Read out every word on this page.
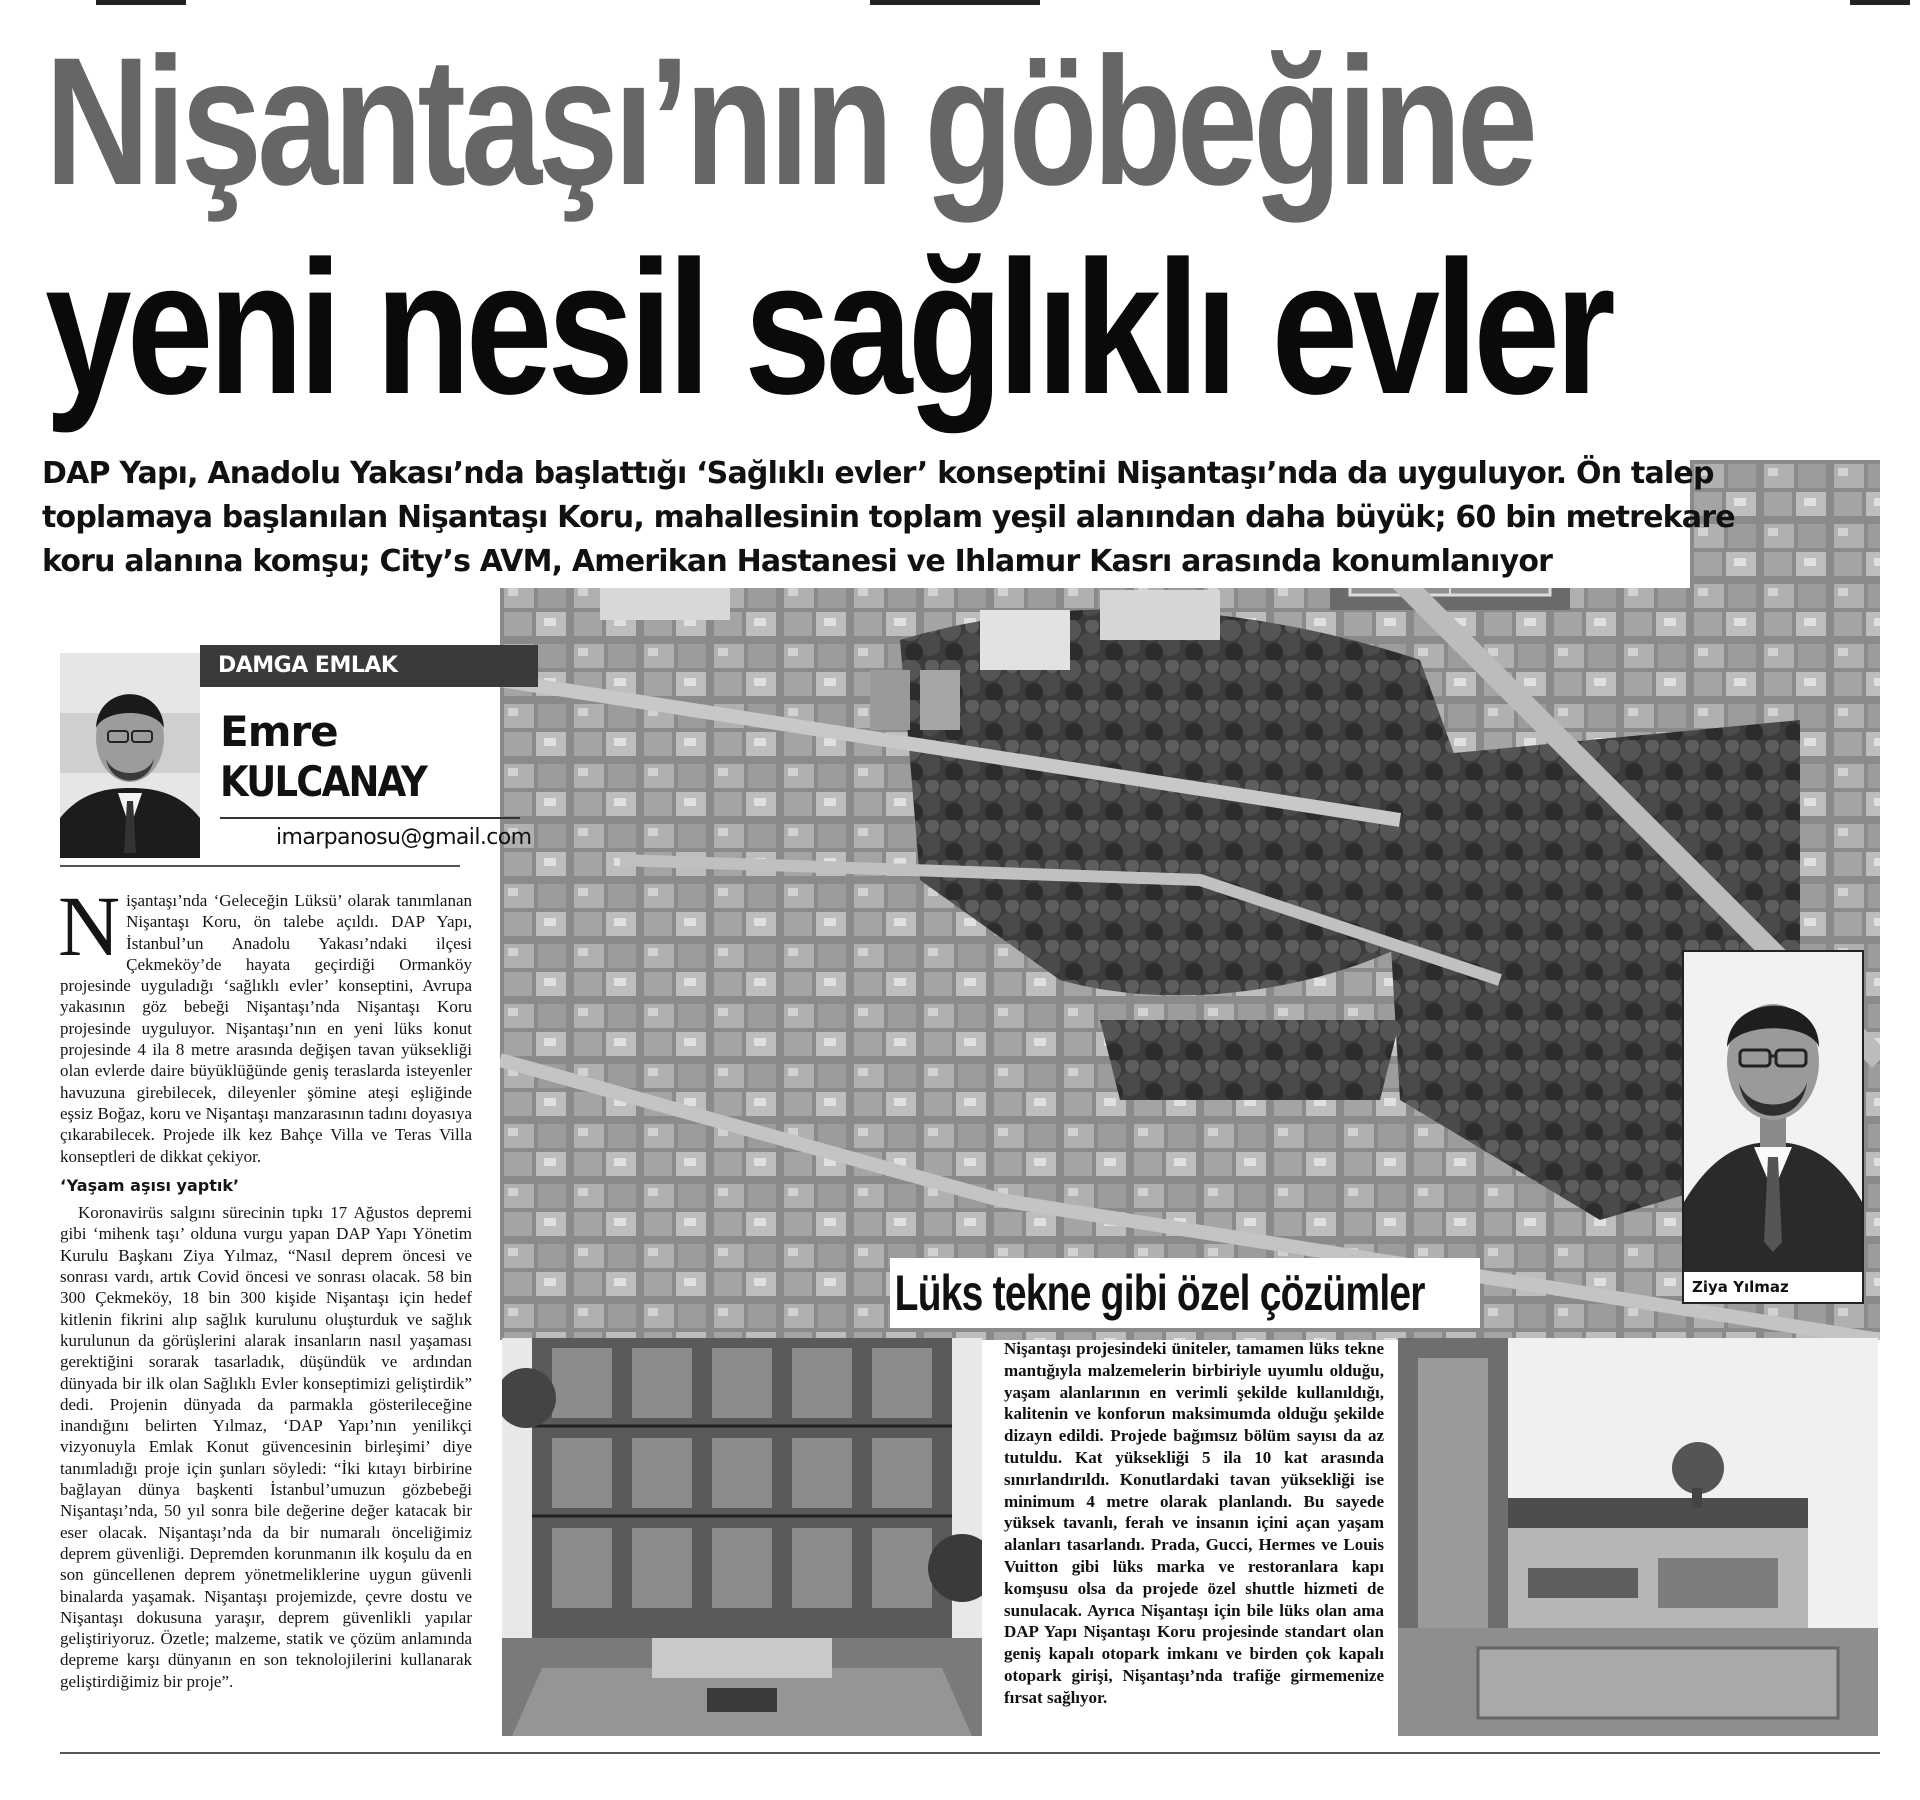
Nişantaşı’nın göbeğine
yeni nesil sağlıklı evler
DAP Yapı, Anadolu Yakası’nda başlattığı ‘Sağlıklı evler’ konseptini Nişantaşı’nda da uyguluyor. Ön talep
toplamaya başlanılan Nişantaşı Koru, mahallesinin toplam yeşil alanından daha büyük; 60 bin metrekare
koru alanına komşu; City’s AVM, Amerikan Hastanesi ve Ihlamur Kasrı arasında konumlanıyor
Lüks tekne gibi özel çözümler	Ziya Yılmaz
DAMGA EMLAK
Emre
KULCANAY
imarpanosu@gmail.com

Nişantaşı’nda ‘Geleceğin Lüksü’ olarak tanımlanan Nişantaşı Koru, ön talebe açıldı. DAP Yapı, İstanbul’un Anadolu Yakası’ndaki ilçesi Çekmeköy’de hayata geçirdiği Ormanköy projesinde uyguladığı ‘sağlıklı evler’ konseptini, Avrupa yakasının göz bebeği Nişantaşı’nda Nişantaşı Koru projesinde uyguluyor. Nişantaşı’nın en yeni lüks konut projesinde 4 ila 8 metre arasında değişen tavan yüksekliği olan evlerde daire büyüklüğünde geniş teraslarda isteyenler havuzuna girebilecek, dileyenler şömine ateşi eşliğinde eşsiz Boğaz, koru ve Nişantaşı manzarasının tadını doyasıya çıkarabilecek. Projede ilk kez Bahçe Villa ve Teras Villa konseptleri de dikkat çekiyor.

‘Yaşam aşısı yaptık’

Koronavirüs salgını sürecinin tıpkı 17 Ağustos depremi gibi ‘mihenk taşı’ olduna vurgu yapan DAP Yapı Yönetim Kurulu Başkanı Ziya Yılmaz, “Nasıl deprem öncesi ve sonrası vardı, artık Covid öncesi ve sonrası olacak. 58 bin 300 Çekmeköy, 18 bin 300 kişide Nişantaşı için hedef kitlenin fikrini alıp sağlık kurulunu oluşturduk ve sağlık kurulunun da görüşlerini alarak insanların nasıl yaşaması gerektiğini sorarak tasarladık, düşündük ve ardından dünyada bir ilk olan Sağlıklı Evler konseptimizi geliştirdik” dedi. Projenin dünyada da parmakla gösterileceğine inandığını belirten Yılmaz, ‘DAP Yapı’nın yenilikçi vizyonuyla Emlak Konut güvencesinin birleşimi’ diye tanımladığı proje için şunları söyledi: “İki kıtayı birbirine bağlayan dünya başkenti İstanbul’umuzun gözbebeği Nişantaşı’nda, 50 yıl sonra bile değerine değer katacak bir eser olacak. Nişantaşı’nda da bir numaralı önceliğimiz deprem güvenliği. Depremden korunmanın ilk koşulu da en son güncellenen deprem yönetmeliklerine uygun güvenli binalarda yaşamak. Nişantaşı projemizde, çevre dostu ve Nişantaşı dokusuna yaraşır, deprem güvenlikli yapılar geliştiriyoruz. Özetle; malzeme, statik ve çözüm anlamında depremе karşı dünyanın en son teknolojilerini kullanarak geliştirdiğimiz bir proje”.

Nişantaşı projesindeki üniteler, tamamen lüks tekne mantığıyla malzemelerin birbiriyle uyumlu olduğu, yaşam alanlarının en verimli şekilde kullanıldığı, kalitenin ve konforun maksimumda olduğu şekilde dizayn edildi. Projede bağımsız bölüm sayısı da az tutuldu. Kat yüksekliği 5 ila 10 kat arasında sınırlandırıldı. Konutlardaki tavan yüksekliği ise minimum 4 metre olarak planlandı. Bu sayede yüksek tavanlı, ferah ve insanın içini açan yaşam alanları tasarlandı. Prada, Gucci, Hermes ve Louis Vuitton gibi lüks marka ve restoranlara kapı komşusu olsa da projede özel shuttle hizmeti de sunulacak. Ayrıca Nişantaşı için bile lüks olan ama DAP Yapı Nişantaşı Koru projesinde standart olan geniş kapalı otopark imkanı ve birden çok kapalı otopark girişi, Nişantaşı’nda trafiğe girmemenize fırsat sağlıyor.
